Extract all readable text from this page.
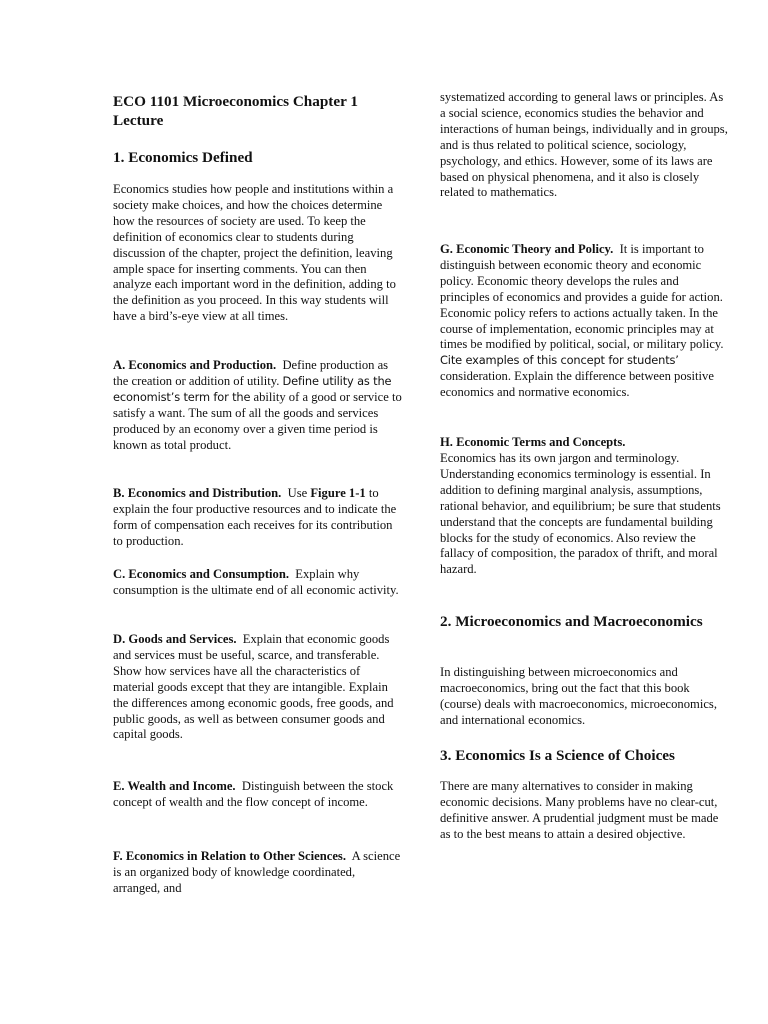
ECO 1101 Microeconomics Chapter 1 Lecture
1. Economics Defined

Economics studies how people and institutions within a society make choices, and how the choices determine how the resources of society are used. To keep the definition of economics clear to students during discussion of the chapter, project the definition, leaving ample space for inserting comments. You can then analyze each important word in the definition, adding to the definition as you proceed. In this way students will have a bird’s-eye view at all times.

A. Economics and Production. Define production as the creation or addition of utility. Define utility as the economist’s term for the ability of a good or service to satisfy a want. The sum of all the goods and services produced by an economy over a given time period is known as total product.

B. Economics and Distribution. Use Figure 1-1 to explain the four productive resources and to indicate the form of compensation each receives for its contribution to production.

C. Economics and Consumption. Explain why consumption is the ultimate end of all economic activity.

D. Goods and Services. Explain that economic goods and services must be useful, scarce, and transferable. Show how services have all the characteristics of material goods except that they are intangible. Explain the differences among economic goods, free goods, and public goods, as well as between consumer goods and capital goods.

E. Wealth and Income. Distinguish between the stock concept of wealth and the flow concept of income.

F. Economics in Relation to Other Sciences. A science is an organized body of knowledge coordinated, arranged, and

systematized according to general laws or principles. As a social science, economics studies the behavior and interactions of human beings, individually and in groups, and is thus related to political science, sociology, psychology, and ethics. However, some of its laws are based on physical phenomena, and it also is closely related to mathematics.

G. Economic Theory and Policy. It is important to distinguish between economic theory and economic policy. Economic theory develops the rules and principles of economics and provides a guide for action. Economic policy refers to actions actually taken. In the course of implementation, economic principles may at times be modified by political, social, or military policy. Cite examples of this concept for students’ consideration. Explain the difference between positive economics and normative economics.

H. Economic Terms and Concepts.

Economics has its own jargon and terminology. Understanding economics terminology is essential. In addition to defining marginal analysis, assumptions, rational behavior, and equilibrium; be sure that students understand that the concepts are fundamental building blocks for the study of economics. Also review the fallacy of composition, the paradox of thrift, and moral hazard.

2. Microeconomics and Macroeconomics

In distinguishing between microeconomics and macroeconomics, bring out the fact that this book (course) deals with macroeconomics, microeconomics, and international economics.

3. Economics Is a Science of Choices

There are many alternatives to consider in making economic decisions. Many problems have no clear-cut, definitive answer. A prudential judgment must be made as to the best means to attain a desired objective.
